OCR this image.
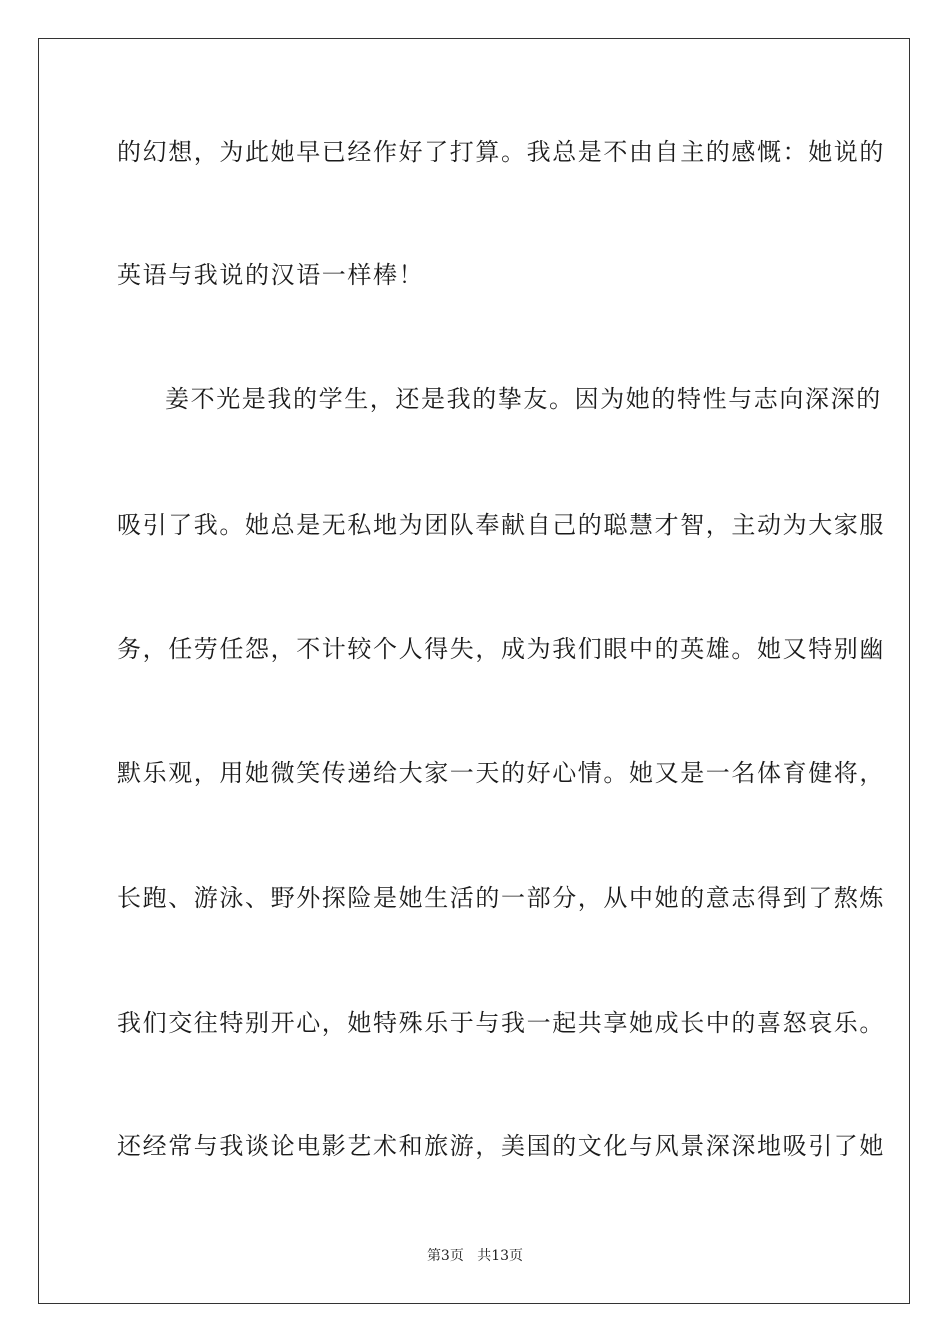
的幻想，为此她早已经作好了打算。我总是不由自主的感慨：她说的
英语与我说的汉语一样棒！
姜不光是我的学生，还是我的挚友。因为她的特性与志向深深的
吸引了我。她总是无私地为团队奉献自己的聪慧才智，主动为大家服
务，任劳任怨，不计较个人得失，成为我们眼中的英雄。她又特别幽
默乐观，用她微笑传递给大家一天的好心情。她又是一名体育健将，
长跑、游泳、野外探险是她生活的一部分，从中她的意志得到了熬炼
我们交往特别开心，她特殊乐于与我一起共享她成长中的喜怒哀乐。
还经常与我谈论电影艺术和旅游，美国的文化与风景深深地吸引了她
第3页 共13页
